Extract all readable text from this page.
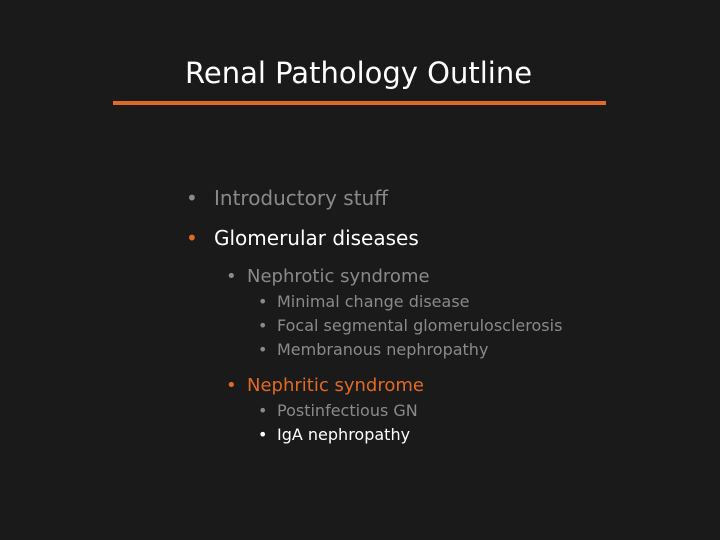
Renal Pathology Outline
• Introductory stuff
• Glomerular diseases
• Nephrotic syndrome
• Minimal change disease
• Focal segmental glomerulosclerosis
• Membranous nephropathy
• Nephritic syndrome
• Postinfectious GN
• IgA nephropathy
